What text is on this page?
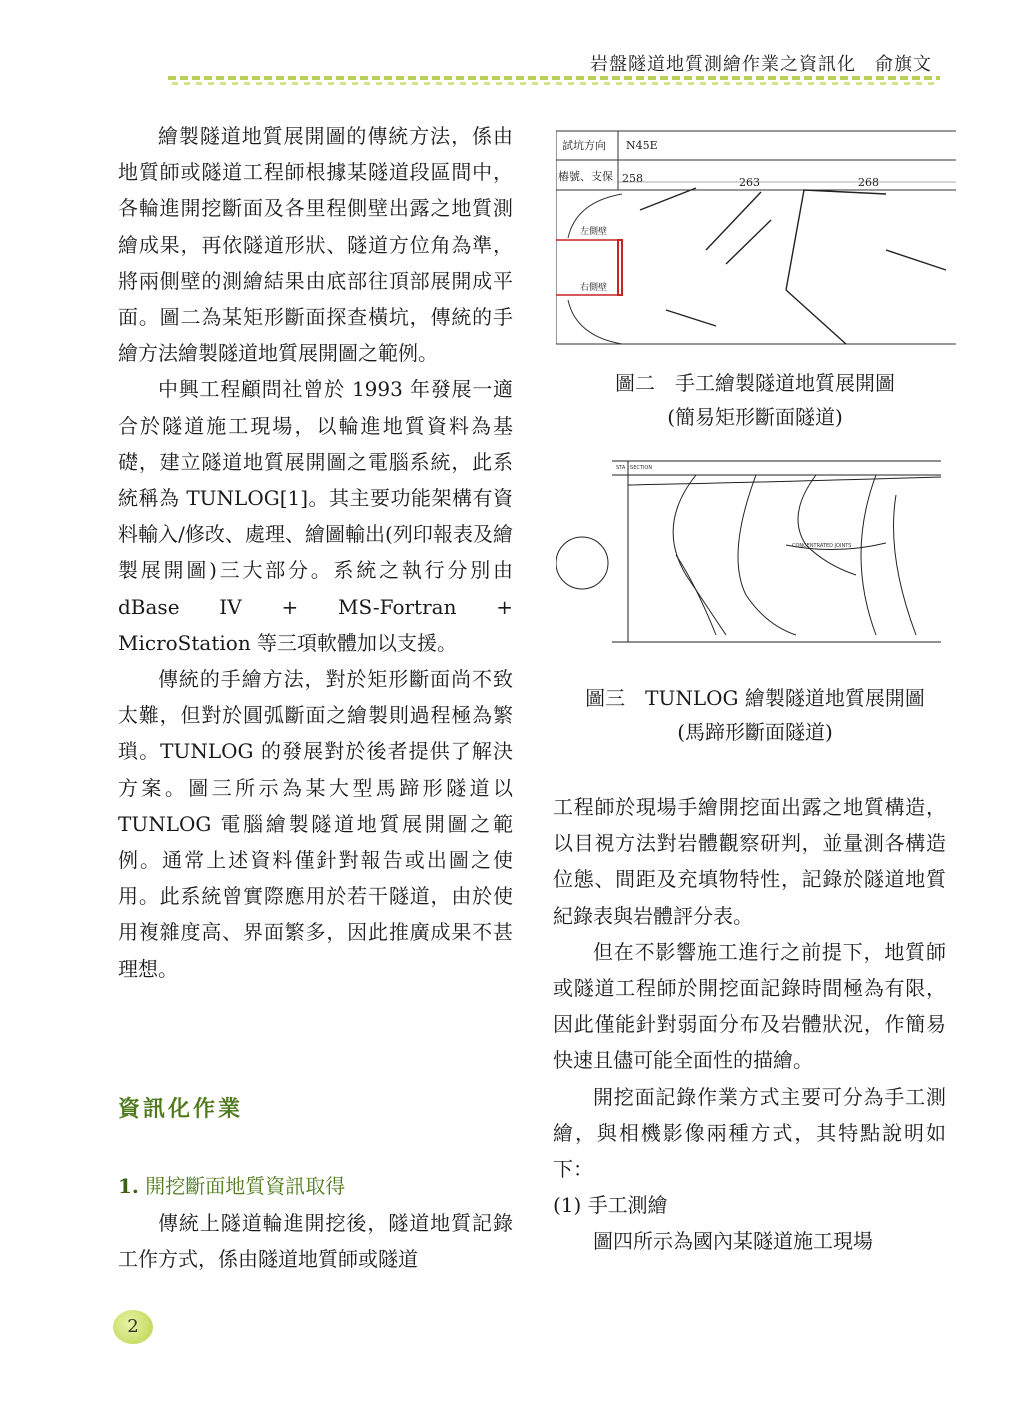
岩盤隧道地質測繪作業之資訊化　俞旗文

繪製隧道地質展開圖的傳統方法，係由地質師或隧道工程師根據某隧道段區間中，各輪進開挖斷面及各里程側壁出露之地質測繪成果，再依隧道形狀、隧道方位角為準，將兩側壁的測繪結果由底部往頂部展開成平面。圖二為某矩形斷面探查橫坑，傳統的手繪方法繪製隧道地質展開圖之範例。

中興工程顧問社曾於 1993 年發展一適合於隧道施工現場，以輪進地質資料為基礎，建立隧道地質展開圖之電腦系統，此系統稱為 TUNLOG[1]。其主要功能架構有資料輸入/修改、處理、繪圖輸出(列印報表及繪製展開圖)三大部分。系統之執行分別由 dBase IV + MS-Fortran + MicroStation 等三項軟體加以支援。

傳統的手繪方法，對於矩形斷面尚不致太難，但對於圓弧斷面之繪製則過程極為繁瑣。TUNLOG 的發展對於後者提供了解決方案。圖三所示為某大型馬蹄形隧道以 TUNLOG 電腦繪製隧道地質展開圖之範例。通常上述資料僅針對報告或出圖之使用。此系統曾實際應用於若干隧道，由於使用複雜度高、界面繁多，因此推廣成果不甚理想。

資訊化作業
1. 開挖斷面地質資訊取得

傳統上隧道輪進開挖後，隧道地質記錄工作方式，係由隧道地質師或隧道

試坑方向 N45E
樁號、支保 258	263	268
左側壁
右側壁
圖二　手工繪製隧道地質展開圖
(簡易矩形斷面隧道)
STA · SECTION
CONCENTRATED JOINTS
圖三　TUNLOG 繪製隧道地質展開圖
(馬蹄形斷面隧道)

工程師於現場手繪開挖面出露之地質構造，以目視方法對岩體觀察研判，並量測各構造位態、間距及充填物特性，記錄於隧道地質紀錄表與岩體評分表。

但在不影響施工進行之前提下，地質師或隧道工程師於開挖面記錄時間極為有限，因此僅能針對弱面分布及岩體狀況，作簡易快速且儘可能全面性的描繪。

開挖面記錄作業方式主要可分為手工測繪，與相機影像兩種方式，其特點說明如下：

(1) 手工測繪

圖四所示為國內某隧道施工現場

2
